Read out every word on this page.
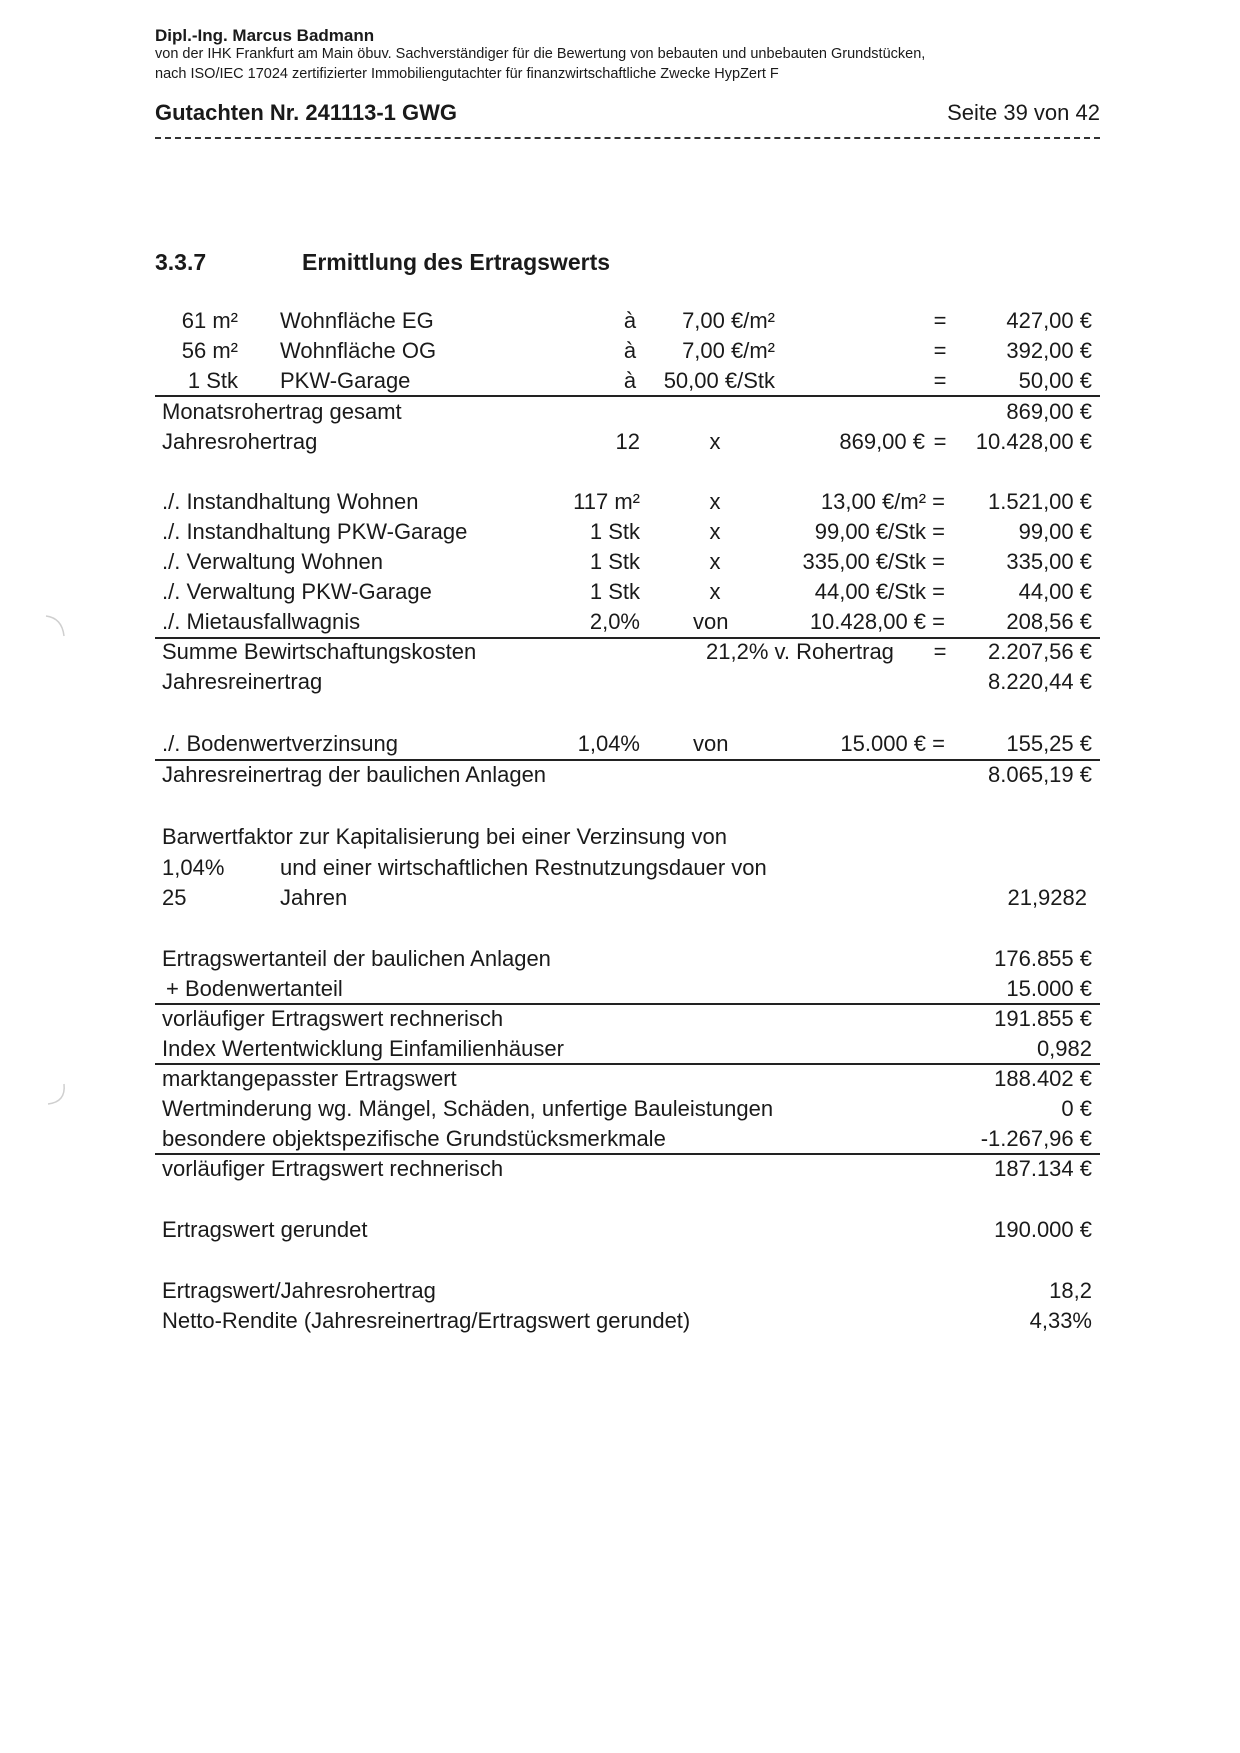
Dipl.-Ing. Marcus Badmann
von der IHK Frankfurt am Main öbuv. Sachverständiger für die Bewertung von bebauten und unbebauten Grundstücken,
nach ISO/IEC 17024 zertifizierter Immobiliengutachter für finanzwirtschaftliche Zwecke HypZert F
Gutachten Nr. 241113-1 GWG	Seite 39 von 42
3.3.7	Ermittlung des Ertragswerts
61 m² Wohnfläche EG	à 7,00 €/m²	=	427,00 €
56 m² Wohnfläche OG	à 7,00 €/m²	=	392,00 €
1 Stk PKW-Garage	à 50,00 €/Stk	=	50,00 €
Monatsrohertrag gesamt	869,00 €
Jahresrohertrag	12	x	869,00 € = 10.428,00 €
./. Instandhaltung Wohnen	117 m²	x	13,00 €/m² = 1.521,00 €
./. Instandhaltung PKW-Garage	1 Stk	x	99,00 €/Stk =	99,00 €
./. Verwaltung Wohnen	1 Stk	x	335,00 €/Stk =	335,00 €
./. Verwaltung PKW-Garage	1 Stk	x	44,00 €/Stk =	44,00 €
./. Mietausfallwagnis	2,0% von	10.428,00 € =	208,56 €
Summe Bewirtschaftungskosten	21,2% v. Rohertrag = 2.207,56 €
Jahresreinertrag	8.220,44 €
./. Bodenwertverzinsung	1,04% von	15.000 € =	155,25 €
Jahresreinertrag der baulichen Anlagen	8.065,19 €
Barwertfaktor zur Kapitalisierung bei einer Verzinsung von
1,04%	und einer wirtschaftlichen Restnutzungsdauer von
25	Jahren	21,9282
Ertragswertanteil der baulichen Anlagen	176.855 €
+ Bodenwertanteil	15.000 €
vorläufiger Ertragswert rechnerisch	191.855 €
Index Wertentwicklung Einfamilienhäuser	0,982
marktangepasster Ertragswert	188.402 €
Wertminderung wg. Mängel, Schäden, unfertige Bauleistungen	0 €
besondere objektspezifische Grundstücksmerkmale	-1.267,96 €
vorläufiger Ertragswert rechnerisch	187.134 €
Ertragswert gerundet	190.000 €
Ertragswert/Jahresrohertrag	18,2
Netto-Rendite (Jahresreinertrag/Ertragswert gerundet)	4,33%
